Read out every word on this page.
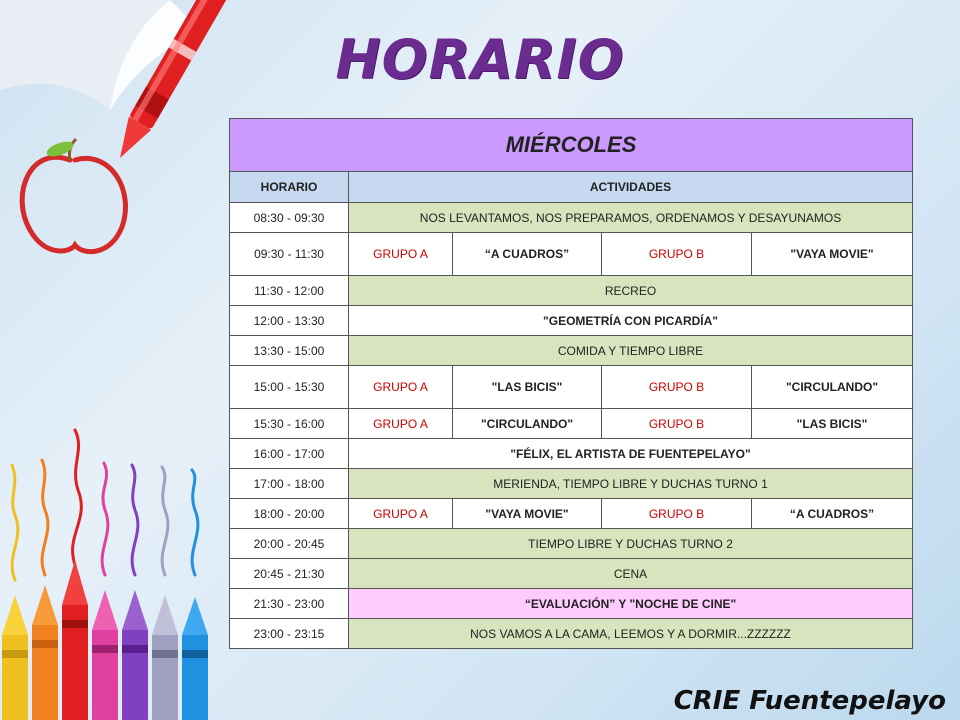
HORARIO
MIÉRCOLES				
HORARIO	ACTIVIDADES			
08:30 - 09:30	NOS LEVANTAMOS, NOS PREPARAMOS, ORDENAMOS Y DESAYUNAMOS			
09:30 - 11:30	GRUPO A	“A CUADROS”	GRUPO B	"VAYA MOVIE"
11:30 - 12:00	RECREO			
12:00 - 13:30	"GEOMETRÍA CON PICARDÍA"			
13:30 - 15:00	COMIDA Y TIEMPO LIBRE			
15:00 - 15:30	GRUPO A	"LAS BICIS"	GRUPO B	"CIRCULANDO"
15:30 - 16:00	GRUPO A	"CIRCULANDO"	GRUPO B	"LAS BICIS"
16:00 - 17:00	"FÉLIX, EL ARTISTA DE FUENTEPELAYO"			
17:00 - 18:00	MERIENDA, TIEMPO LIBRE Y DUCHAS TURNO 1			
18:00 - 20:00	GRUPO A	"VAYA MOVIE"	GRUPO B	“A CUADROS”
20:00 - 20:45	TIEMPO LIBRE Y DUCHAS TURNO 2			
20:45 - 21:30	CENA			
21:30 - 23:00	“EVALUACIÓN” Y "NOCHE DE CINE"			
23:00 - 23:15	NOS VAMOS A LA CAMA, LEEMOS Y A DORMIR...ZZZZZZ			
CRIE Fuentepelayo
